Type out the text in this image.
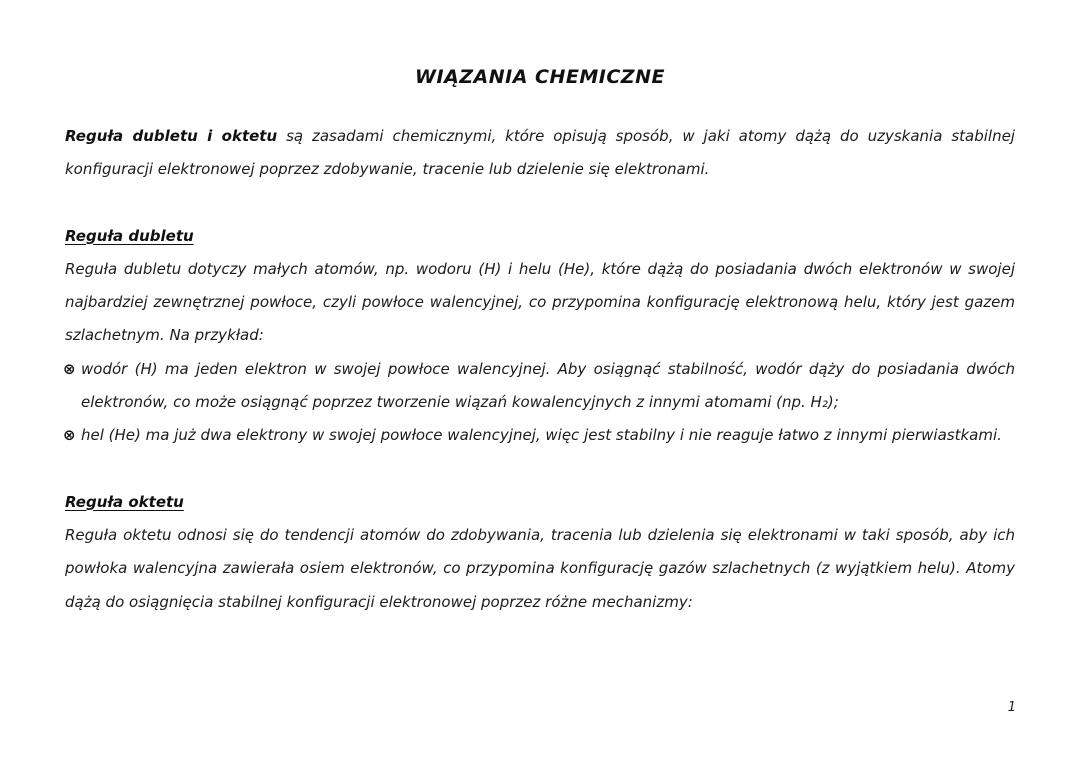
WIĄZANIA CHEMICZNE

Reguła dubletu i oktetu są zasadami chemicznymi, które opisują sposób, w jaki atomy dążą do uzyskania stabilnej konfiguracji elektronowej poprzez zdobywanie, tracenie lub dzielenie się elektronami.

Reguła dubletu

Reguła dubletu dotyczy małych atomów, np. wodoru (H) i helu (He), które dążą do posiadania dwóch elektronów w swojej najbardziej zewnętrznej powłoce, czyli powłoce walencyjnej, co przypomina konfigurację elektronową helu, który jest gazem szlachetnym. Na przykład:

⊗ wodór (H) ma jeden elektron w swojej powłoce walencyjnej. Aby osiągnąć stabilność, wodór dąży do posiadania dwóch elektronów, co może osiągnąć poprzez tworzenie wiązań kowalencyjnych z innymi atomami (np. H₂);

⊗ hel (He) ma już dwa elektrony w swojej powłoce walencyjnej, więc jest stabilny i nie reaguje łatwo z innymi pierwiastkami.

Reguła oktetu

Reguła oktetu odnosi się do tendencji atomów do zdobywania, tracenia lub dzielenia się elektronami w taki sposób, aby ich powłoka walencyjna zawierała osiem elektronów, co przypomina konfigurację gazów szlachetnych (z wyjątkiem helu). Atomy dążą do osiągnięcia stabilnej konfiguracji elektronowej poprzez różne mechanizmy:

1
